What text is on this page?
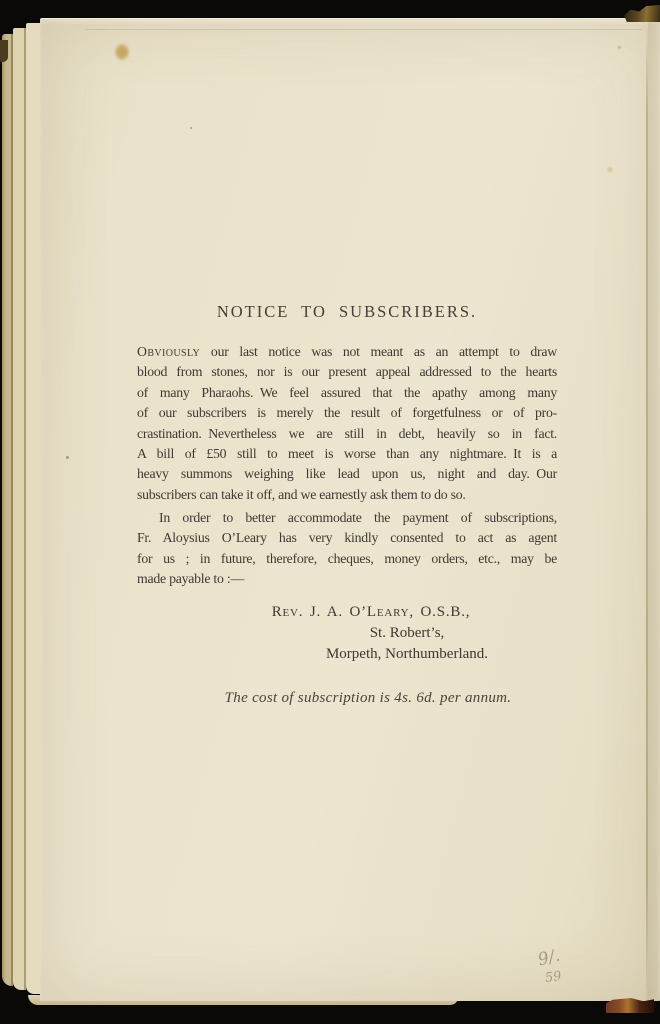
NOTICE TO SUBSCRIBERS.
Obviously our last notice was not meant as an attempt to draw
blood from stones, nor is our present appeal addressed to the hearts
of many Pharaohs. We feel assured that the apathy among many
of our subscribers is merely the result of forgetfulness or of pro-
crastination. Nevertheless we are still in debt, heavily so in fact.
A bill of £50 still to meet is worse than any nightmare. It is a
heavy summons weighing like lead upon us, night and day. Our
subscribers can take it off, and we earnestly ask them to do so.
In order to better accommodate the payment of subscriptions,
Fr. Aloysius O’Leary has very kindly consented to act as agent
for us ; in future, therefore, cheques, money orders, etc., may be
made payable to :—
Rev. J. A. O’Leary, O.S.B.,
St. Robert’s,
Morpeth, Northumberland.
The cost of subscription is 4s. 6d. per annum.
9/.
59
